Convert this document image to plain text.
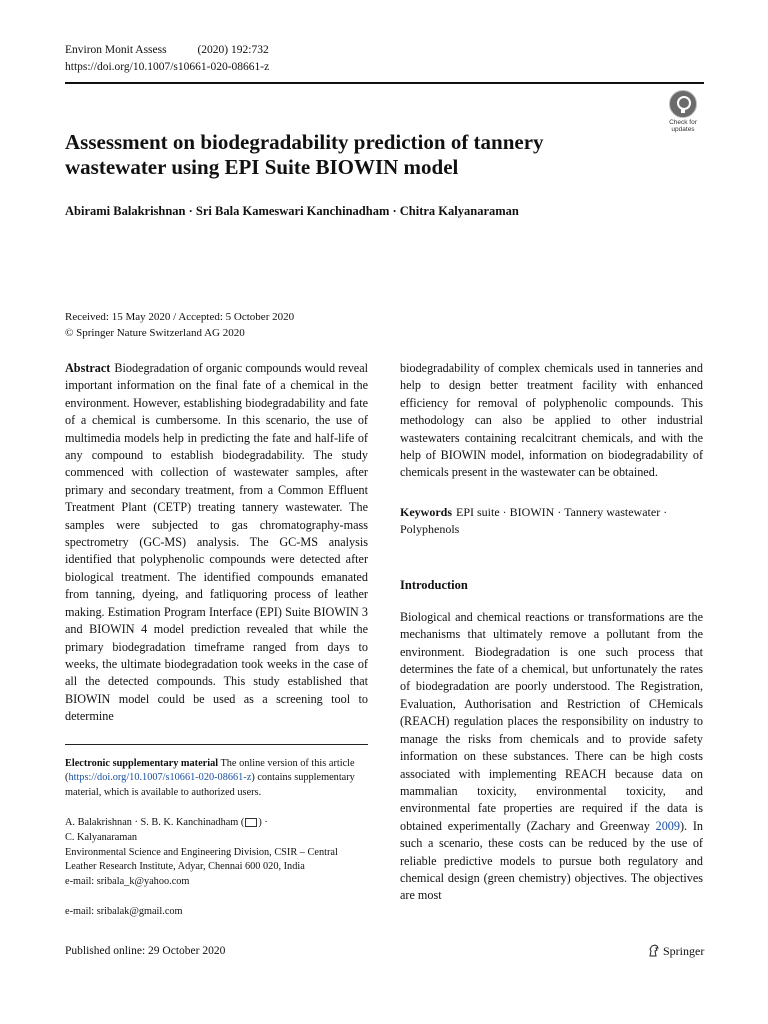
Environ Monit Assess	(2020) 192:732
https://doi.org/10.1007/s10661-020-08661-z
Check for
updates
Assessment on biodegradability prediction of tannery wastewater using EPI Suite BIOWIN model
Abirami Balakrishnan · Sri Bala Kameswari Kanchinadham · Chitra Kalyanaraman
Received: 15 May 2020 / Accepted: 5 October 2020
© Springer Nature Switzerland AG 2020

Abstract Biodegradation of organic compounds would reveal important information on the final fate of a chemical in the environment. However, establishing biodegradability and fate of a chemical is cumbersome. In this scenario, the use of multimedia models help in predicting the fate and half-life of any compound to establish biodegradability. The study commenced with collection of wastewater samples, after primary and secondary treatment, from a Common Effluent Treatment Plant (CETP) treating tannery wastewater. The samples were subjected to gas chromatography-mass spectrometry (GC-MS) analysis. The GC-MS analysis identified that polyphenolic compounds were detected after biological treatment. The identified compounds emanated from tanning, dyeing, and fatliquoring process of leather making. Estimation Program Interface (EPI) Suite BIOWIN 3 and BIOWIN 4 model prediction revealed that while the primary biodegradation timeframe ranged from days to weeks, the ultimate biodegradation took weeks in the case of all the detected compounds. This study established that BIOWIN model could be used as a screening tool to determine

Electronic supplementary material The online version of this article (https://doi.org/10.1007/s10661-020-08661-z) contains supplementary material, which is available to authorized users.

A. Balakrishnan · S. B. K. Kanchinadham ( ) ·
C. Kalyanaraman
Environmental Science and Engineering Division, CSIR – Central Leather Research Institute, Adyar, Chennai 600 020, India
e-mail: sribala_k@yahoo.com
e-mail: sribalak@gmail.com

biodegradability of complex chemicals used in tanneries and help to design better treatment facility with enhanced efficiency for removal of polyphenolic compounds. This methodology can also be applied to other industrial wastewaters containing recalcitrant chemicals, and with the help of BIOWIN model, information on biodegradability of chemicals present in the wastewater can be obtained.

Keywords EPI suite · BIOWIN · Tannery wastewater · Polyphenols

Introduction

Biological and chemical reactions or transformations are the mechanisms that ultimately remove a pollutant from the environment. Biodegradation is one such process that determines the fate of a chemical, but unfortunately the rates of biodegradation are poorly understood. The Registration, Evaluation, Authorisation and Restriction of CHemicals (REACH) regulation places the responsibility on industry to manage the risks from chemicals and to provide safety information on these substances. There can be high costs associated with implementing REACH because data on mammalian toxicity, environmental toxicity, and environmental fate properties are required if the data is obtained experimentally (Zachary and Greenway 2009). In such a scenario, these costs can be reduced by the use of reliable predictive models to pursue both regulatory and chemical design (green chemistry) objectives. The objectives are most

Published online: 29 October 2020	Springer
